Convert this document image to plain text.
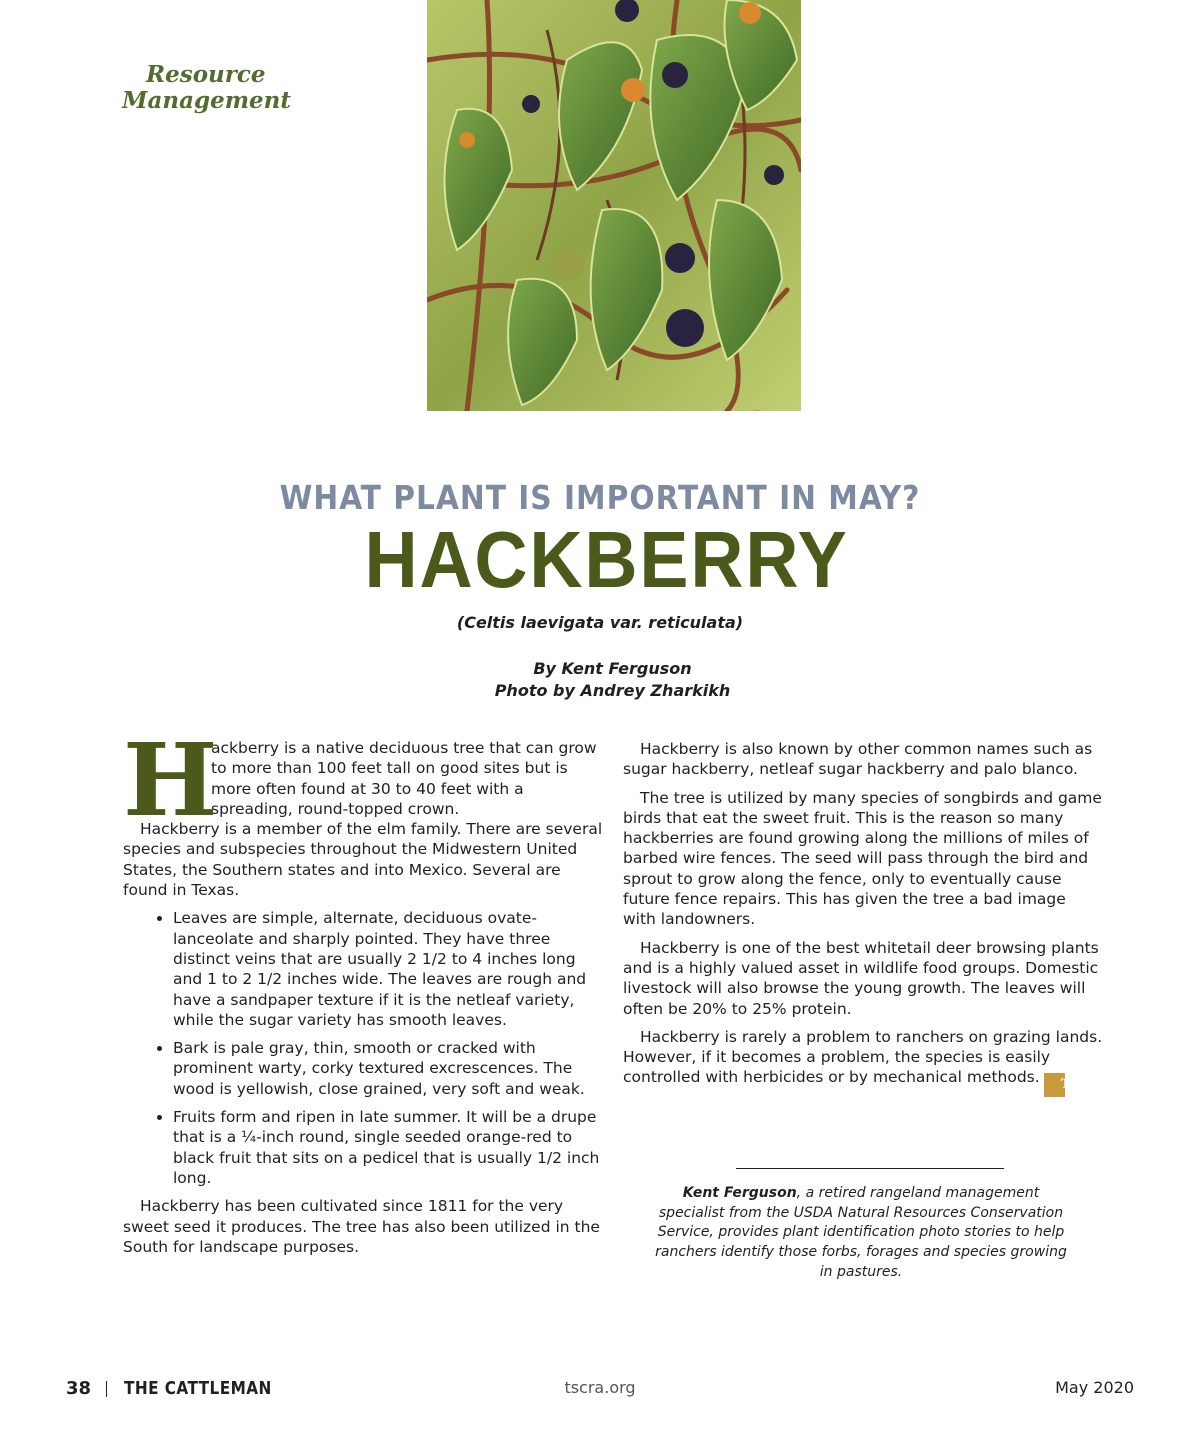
Resource
Management
WHAT PLANT IS IMPORTANT IN MAY?
HACKBERRY
(Celtis laevigata var. reticulata)
By Kent Ferguson
Photo by Andrey Zharkikh
H

ackberry is a native deciduous tree that can grow to more than 100 feet tall on good sites but is more often found at 30 to 40 feet with a spreading, round-topped crown.

Hackberry is a member of the elm family. There are several species and subspecies throughout the Midwestern United States, the Southern states and into Mexico. Several are found in Texas.

• Leaves are simple, alternate, deciduous ovate-lanceolate and sharply pointed. They have three distinct veins that are usually 2 1/2 to 4 inches long and 1 to 2 1/2 inches wide. The leaves are rough and have a sandpaper texture if it is the netleaf variety, while the sugar variety has smooth leaves.
• Bark is pale gray, thin, smooth or cracked with prominent warty, corky textured excrescences. The wood is yellowish, close grained, very soft and weak.
• Fruits form and ripen in late summer. It will be a drupe that is a ¼-inch round, single seeded orange-red to black fruit that sits on a pedicel that is usually 1/2 inch long.

Hackberry has been cultivated since 1811 for the very sweet seed it produces. The tree has also been utilized in the South for landscape purposes.

Hackberry is also known by other common names such as sugar hackberry, netleaf sugar hackberry and palo blanco.

The tree is utilized by many species of songbirds and game birds that eat the sweet fruit. This is the reason so many hackberries are found growing along the millions of miles of barbed wire fences. The seed will pass through the bird and sprout to grow along the fence, only to eventually cause future fence repairs. This has given the tree a bad image with landowners.

Hackberry is one of the best whitetail deer browsing plants and is a highly valued asset in wildlife food groups. Domestic livestock will also browse the young growth. The leaves will often be 20% to 25% protein.

Hackberry is rarely a problem to ranchers on grazing lands. However, if it becomes a problem, the species is easily controlled with herbicides or by mechanical methods. TC

Kent Ferguson, a retired rangeland management specialist from the USDA Natural Resources Conservation Service, provides plant identification photo stories to help ranchers identify those forbs, forages and species growing in pastures.
38 THE CATTLEMAN	tscra.org	May 2020
